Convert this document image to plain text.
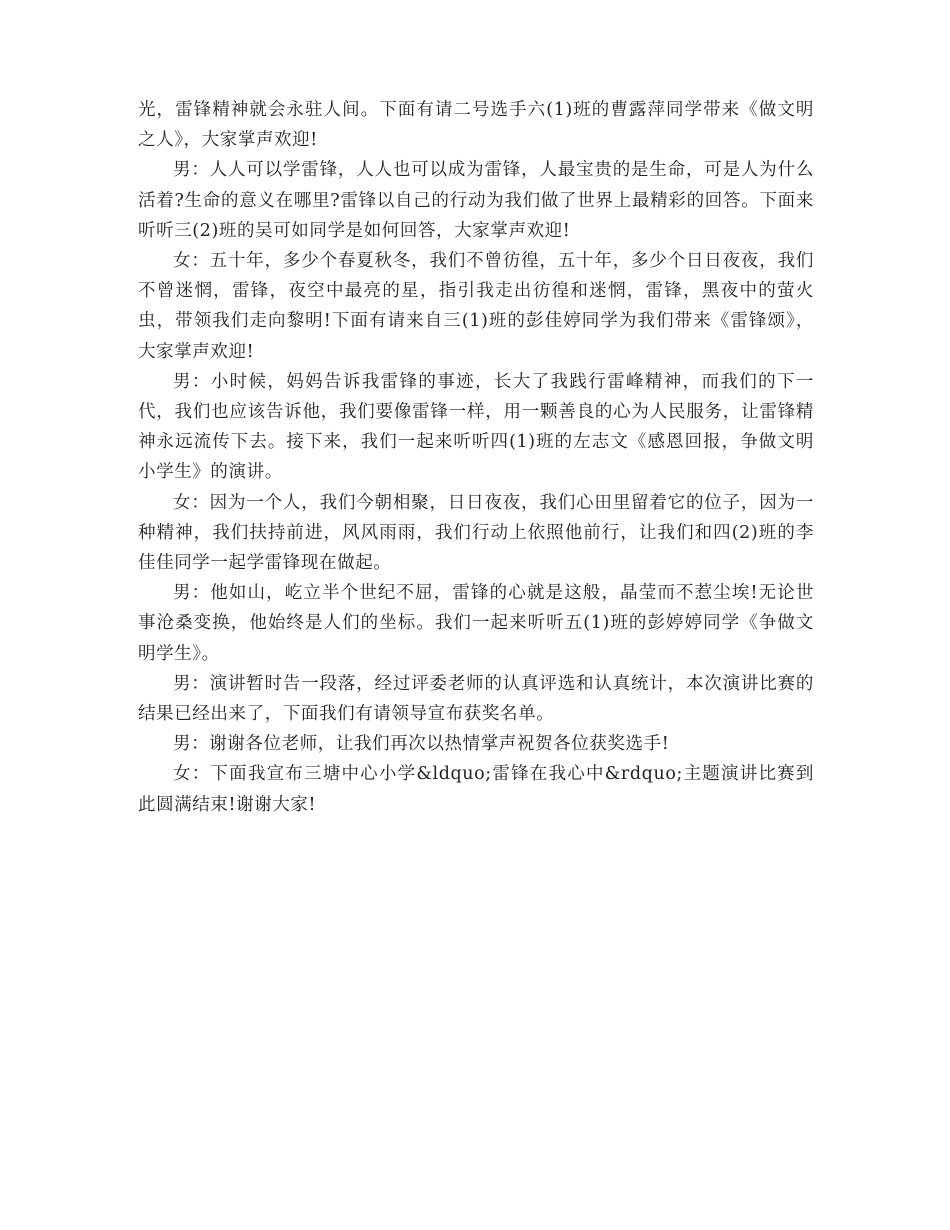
光，雷锋精神就会永驻人间。下面有请二号选手六(1)班的曹露萍同学带来《做文明之人》，大家掌声欢迎!

男：人人可以学雷锋，人人也可以成为雷锋，人最宝贵的是生命，可是人为什么活着?生命的意义在哪里?雷锋以自己的行动为我们做了世界上最精彩的回答。下面来听听三(2)班的吴可如同学是如何回答，大家掌声欢迎!

女：五十年，多少个春夏秋冬，我们不曾彷徨，五十年，多少个日日夜夜，我们不曾迷惘，雷锋，夜空中最亮的星，指引我走出彷徨和迷惘，雷锋，黑夜中的萤火虫，带领我们走向黎明!下面有请来自三(1)班的彭佳婷同学为我们带来《雷锋颂》，大家掌声欢迎!

男：小时候，妈妈告诉我雷锋的事迹，长大了我践行雷峰精神，而我们的下一代，我们也应该告诉他，我们要像雷锋一样，用一颗善良的心为人民服务，让雷锋精神永远流传下去。接下来，我们一起来听听四(1)班的左志文《感恩回报，争做文明小学生》的演讲。

女：因为一个人，我们今朝相聚，日日夜夜，我们心田里留着它的位子，因为一种精神，我们扶持前进，风风雨雨，我们行动上依照他前行，让我们和四(2)班的李佳佳同学一起学雷锋现在做起。

男：他如山，屹立半个世纪不屈，雷锋的心就是这般，晶莹而不惹尘埃!无论世事沧桑变换，他始终是人们的坐标。我们一起来听听五(1)班的彭婷婷同学《争做文明学生》。

男：演讲暂时告一段落，经过评委老师的认真评选和认真统计，本次演讲比赛的结果已经出来了，下面我们有请领导宣布获奖名单。

男：谢谢各位老师，让我们再次以热情掌声祝贺各位获奖选手!

女：下面我宣布三塘中心小学&ldquo;雷锋在我心中&rdquo;主题演讲比赛到此圆满结束!谢谢大家!
